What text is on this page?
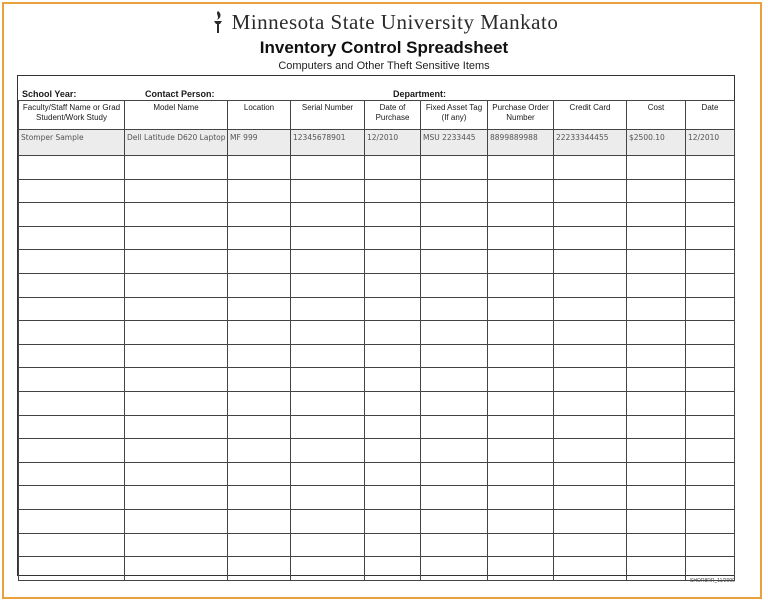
Minnesota State University Mankato
Inventory Control Spreadsheet
Computers and Other Theft Sensitive Items
School Year:	Contact Person:	Department:
Faculty/Staff Name or Grad Student/Work Study	Model Name	Location	Serial Number	Date of Purchase	Fixed Asset Tag (If any)	Purchase Order Number	Credit Card	Cost	Date
Stomper Sample	Dell Latitude D620 Laptop	MF 999	12345678901	12/2010	MSU 2233445	8899889988	22233344455	$2500.10	12/2010

SHOR8RR_11/2009
